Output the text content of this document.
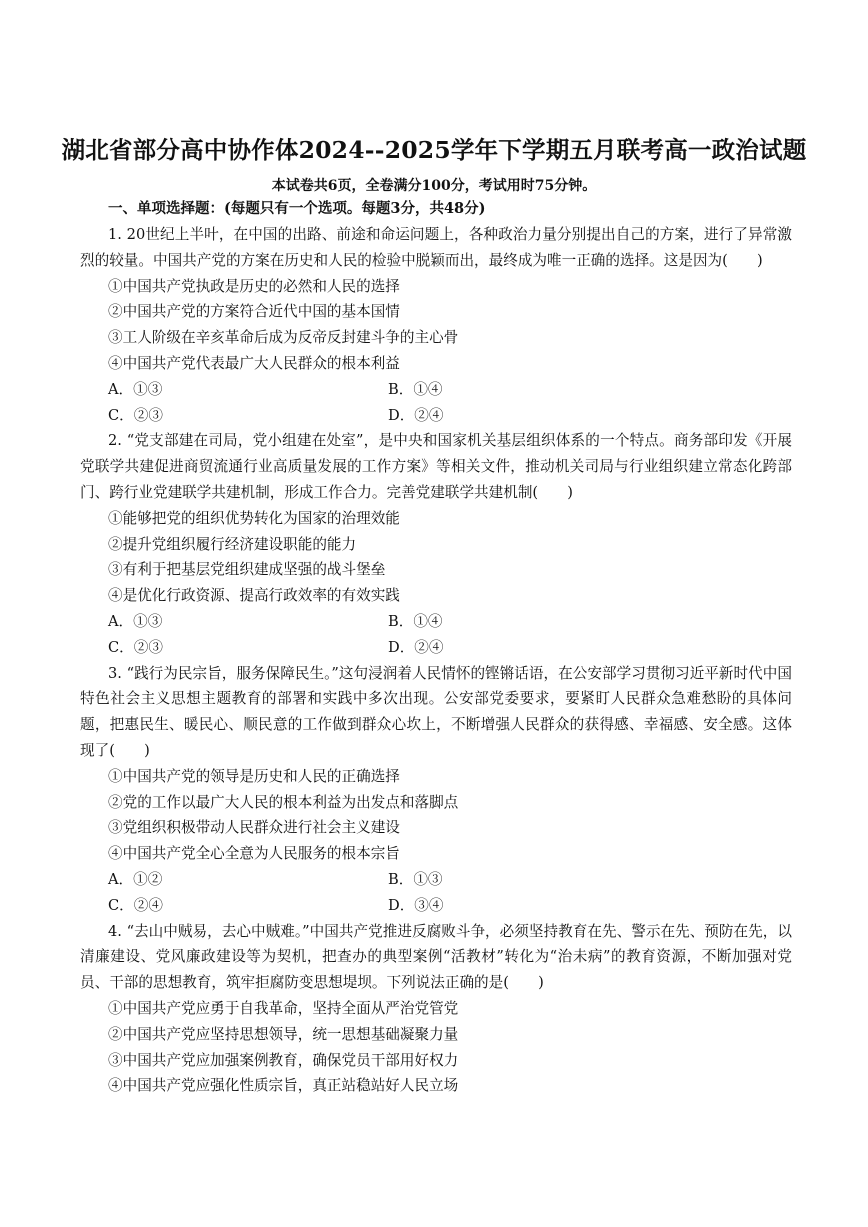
湖北省部分高中协作体2024--2025学年下学期五月联考高一政治试题
本试卷共6页，全卷满分100分，考试用时75分钟。
一、单项选择题：(每题只有一个选项。每题3分，共48分)

1. 20世纪上半叶，在中国的出路、前途和命运问题上，各种政治力量分别提出自己的方案，进行了异常激烈的较量。中国共产党的方案在历史和人民的检验中脱颖而出，最终成为唯一正确的选择。这是因为(　　)

①中国共产党执政是历史的必然和人民的选择

②中国共产党的方案符合近代中国的基本国情

③工人阶级在辛亥革命后成为反帝反封建斗争的主心骨

④中国共产党代表最广大人民群众的根本利益

A．①③	B．①④
C．②③	D．②④

2. “党支部建在司局，党小组建在处室”，是中央和国家机关基层组织体系的一个特点。商务部印发《开展党联学共建促进商贸流通行业高质量发展的工作方案》等相关文件，推动机关司局与行业组织建立常态化跨部门、跨行业党建联学共建机制，形成工作合力。完善党建联学共建机制(　　)

①能够把党的组织优势转化为国家的治理效能

②提升党组织履行经济建设职能的能力

③有利于把基层党组织建成坚强的战斗堡垒

④是优化行政资源、提高行政效率的有效实践

A．①③	B．①④
C．②③	D．②④

3. “践行为民宗旨，服务保障民生。”这句浸润着人民情怀的铿锵话语，在公安部学习贯彻习近平新时代中国特色社会主义思想主题教育的部署和实践中多次出现。公安部党委要求，要紧盯人民群众急难愁盼的具体问题，把惠民生、暖民心、顺民意的工作做到群众心坎上，不断增强人民群众的获得感、幸福感、安全感。这体现了(　　)

①中国共产党的领导是历史和人民的正确选择

②党的工作以最广大人民的根本利益为出发点和落脚点

③党组织积极带动人民群众进行社会主义建设

④中国共产党全心全意为人民服务的根本宗旨

A．①②	B．①③
C．②④	D．③④

4. “去山中贼易，去心中贼难。”中国共产党推进反腐败斗争，必须坚持教育在先、警示在先、预防在先，以清廉建设、党风廉政建设等为契机，把查办的典型案例“活教材”转化为“治未病”的教育资源，不断加强对党员、干部的思想教育，筑牢拒腐防变思想堤坝。下列说法正确的是(　　)

①中国共产党应勇于自我革命，坚持全面从严治党管党

②中国共产党应坚持思想领导，统一思想基础凝聚力量

③中国共产党应加强案例教育，确保党员干部用好权力

④中国共产党应强化性质宗旨，真正站稳站好人民立场
